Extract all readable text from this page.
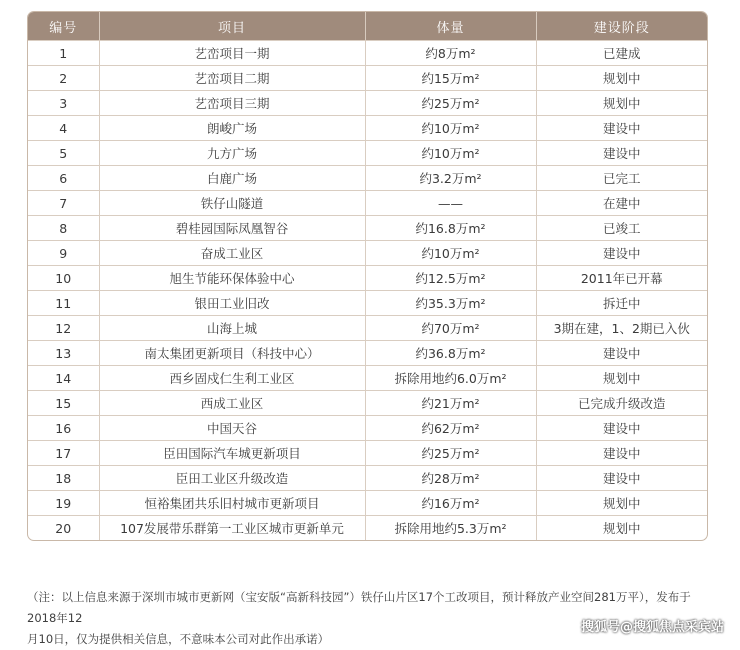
编号	项目	体量	建设阶段
1	艺峦项目一期	约8万m²	已建成
2	艺峦项目二期	约15万m²	规划中
3	艺峦项目三期	约25万m²	规划中
4	朗峻广场	约10万m²	建设中
5	九方广场	约10万m²	建设中
6	白鹿广场	约3.2万m²	已完工
7	铁仔山隧道	——	在建中
8	碧桂园国际凤凰智谷	约16.8万m²	已竣工
9	奋成工业区	约10万m²	建设中
10	旭生节能环保体验中心	约12.5万m²	2011年已开幕
11	银田工业旧改	约35.3万m²	拆迁中
12	山海上城	约70万m²	3期在建，1、2期已入伙
13	南太集团更新项目（科技中心）	约36.8万m²	建设中
14	西乡固戍仁生利工业区	拆除用地约6.0万m²	规划中
15	西成工业区	约21万m²	已完成升级改造
16	中国天谷	约62万m²	建设中
17	臣田国际汽车城更新项目	约25万m²	建设中
18	臣田工业区升级改造	约28万m²	建设中
19	恒裕集团共乐旧村城市更新项目	约16万m²	规划中
20	107发展带乐群第一工业区城市更新单元	拆除用地约5.3万m²	规划中
（注：以上信息来源于深圳市城市更新网（宝安版“高新科技园”）铁仔山片区17个工改项目，预计释放产业空间281万平），发布于2018年12
月10日，仅为提供相关信息，不意味本公司对此作出承诺）
搜狐号@搜狐焦点采宾站
